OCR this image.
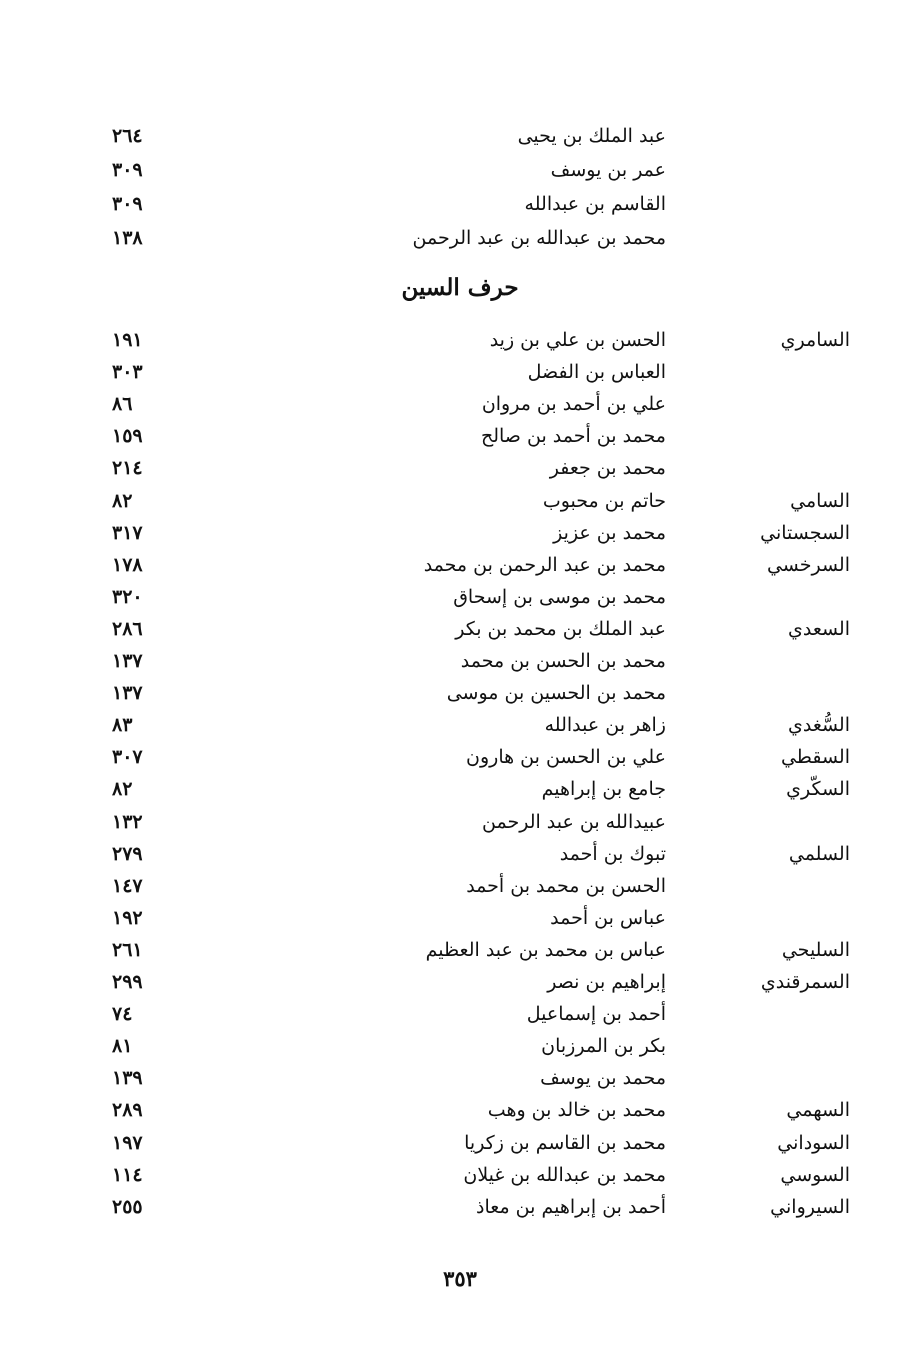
٢٦٤	عبد الملك بن يحيى
٣٠٩	عمر بن يوسف
٣٠٩	القاسم بن عبدالله
١٣٨	محمد بن عبدالله بن عبد الرحمن
حرف السين
١٩١	الحسن بن علي بن زيد	السامري
٣٠٣	العباس بن الفضل
٨٦	علي بن أحمد بن مروان
١٥٩	محمد بن أحمد بن صالح
٢١٤	محمد بن جعفر
٨٢	حاتم بن محبوب	السامي
٣١٧	محمد بن عزيز	السجستاني
١٧٨	محمد بن عبد الرحمن بن محمد	السرخسي
٣٢٠	محمد بن موسى بن إسحاق
٢٨٦	عبد الملك بن محمد بن بكر	السعدي
١٣٧	محمد بن الحسن بن محمد
١٣٧	محمد بن الحسين بن موسى
٨٣	زاهر بن عبدالله	السُّغدي
٣٠٧	علي بن الحسن بن هارون	السقطي
٨٢	جامع بن إبراهيم	السكّري
١٣٢	عبيدالله بن عبد الرحمن
٢٧٩	تبوك بن أحمد	السلمي
١٤٧	الحسن بن محمد بن أحمد
١٩٢	عباس بن أحمد
٢٦١	عباس بن محمد بن عبد العظيم	السليحي
٢٩٩	إبراهيم بن نصر	السمرقندي
٧٤	أحمد بن إسماعيل
٨١	بكر بن المرزبان
١٣٩	محمد بن يوسف
٢٨٩	محمد بن خالد بن وهب	السهمي
١٩٧	محمد بن القاسم بن زكريا	السوداني
١١٤	محمد بن عبدالله بن غيلان	السوسي
٢٥٥	أحمد بن إبراهيم بن معاذ	السيرواني
٣٥٣
